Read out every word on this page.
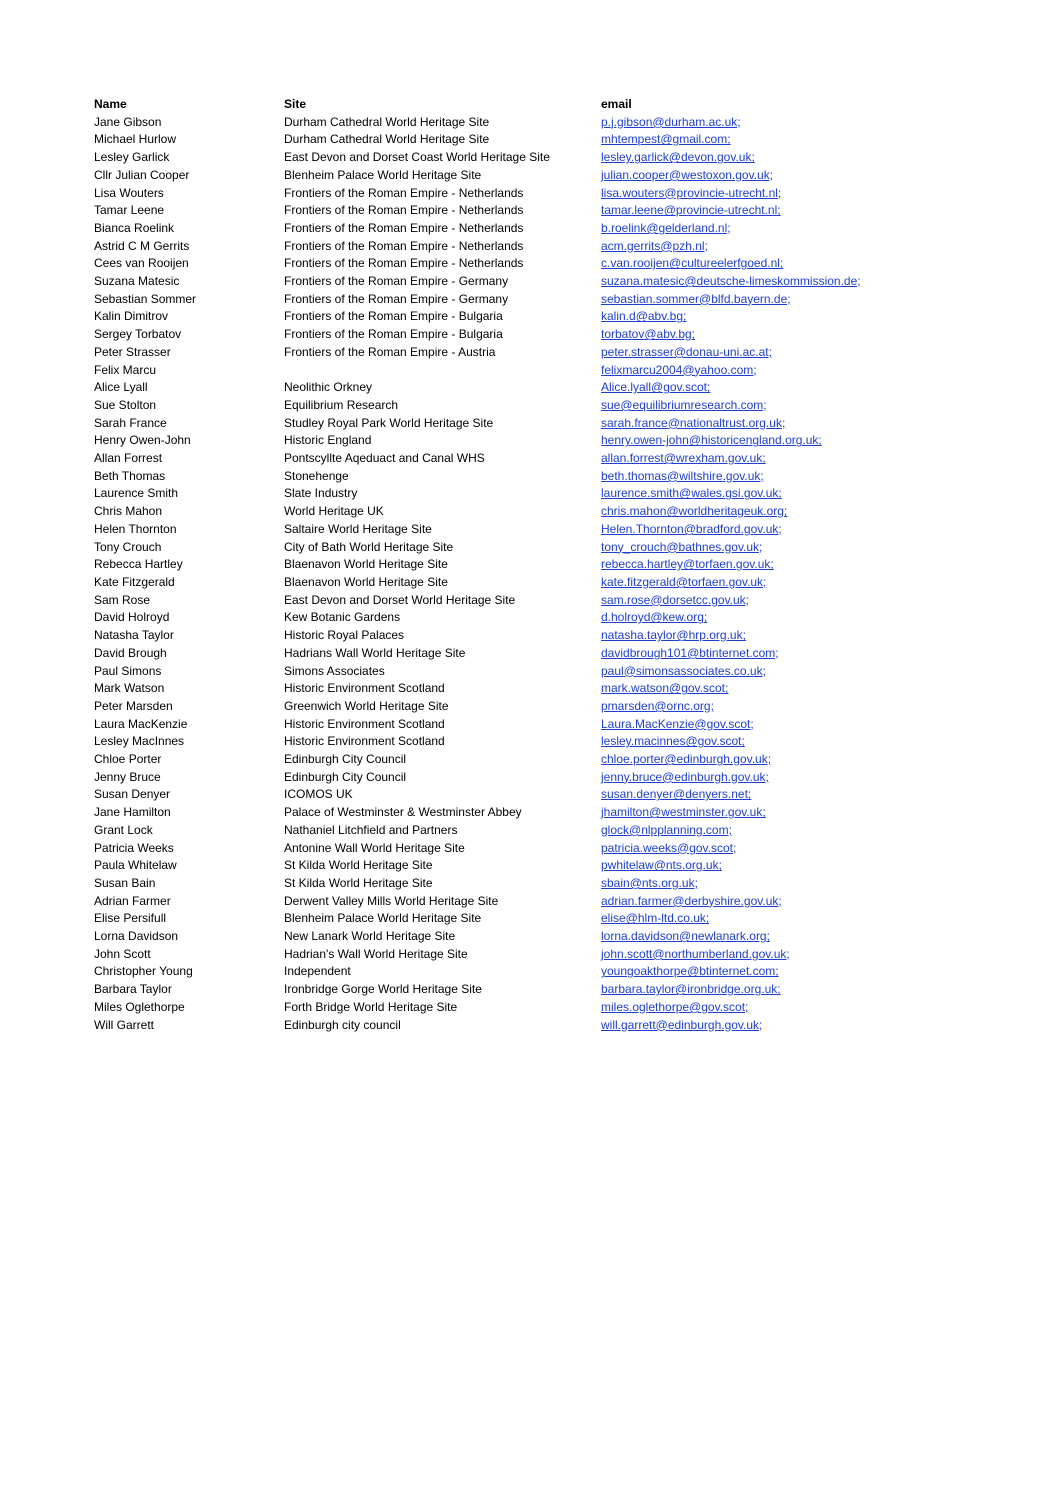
Name	Site	email
Jane Gibson	Durham Cathedral World Heritage Site	p.j.gibson@durham.ac.uk;
Michael Hurlow	Durham Cathedral World Heritage Site	mhtempest@gmail.com;
Lesley Garlick	East Devon and Dorset Coast World Heritage Site	lesley.garlick@devon.gov.uk;
Cllr Julian Cooper	Blenheim Palace World Heritage Site	julian.cooper@westoxon.gov.uk;
Lisa Wouters	Frontiers of the Roman Empire - Netherlands	lisa.wouters@provincie-utrecht.nl;
Tamar Leene	Frontiers of the Roman Empire - Netherlands	tamar.leene@provincie-utrecht.nl;
Bianca Roelink	Frontiers of the Roman Empire - Netherlands	b.roelink@gelderland.nl;
Astrid C M Gerrits	Frontiers of the Roman Empire - Netherlands	acm.gerrits@pzh.nl;
Cees van Rooijen	Frontiers of the Roman Empire - Netherlands	c.van.rooijen@cultureelerfgoed.nl;
Suzana Matesic	Frontiers of the Roman Empire - Germany	suzana.matesic@deutsche-limeskommission.de;
Sebastian Sommer	Frontiers of the Roman Empire - Germany	sebastian.sommer@blfd.bayern.de;
Kalin Dimitrov	Frontiers of the Roman Empire - Bulgaria	kalin.d@abv.bg;
Sergey Torbatov	Frontiers of the Roman Empire - Bulgaria	torbatov@abv.bg;
Peter Strasser	Frontiers of the Roman Empire - Austria	peter.strasser@donau-uni.ac.at;
Felix Marcu		felixmarcu2004@yahoo.com;
Alice Lyall	Neolithic Orkney	Alice.lyall@gov.scot;
Sue Stolton	Equilibrium Research	sue@equilibriumresearch.com;
Sarah France	Studley Royal Park World Heritage Site	sarah.france@nationaltrust.org.uk;
Henry Owen-John	Historic England	henry.owen-john@historicengland.org.uk;
Allan Forrest	Pontscyllte Aqeduact and Canal WHS	allan.forrest@wrexham.gov.uk;
Beth Thomas	Stonehenge	beth.thomas@wiltshire.gov.uk;
Laurence Smith	Slate Industry	laurence.smith@wales.gsi.gov.uk;
Chris Mahon	World Heritage UK	chris.mahon@worldheritageuk.org;
Helen Thornton	Saltaire World Heritage Site	Helen.Thornton@bradford.gov.uk;
Tony Crouch	City of Bath World Heritage Site	tony_crouch@bathnes.gov.uk;
Rebecca Hartley	Blaenavon World Heritage Site	rebecca.hartley@torfaen.gov.uk;
Kate Fitzgerald	Blaenavon World Heritage Site	kate.fitzgerald@torfaen.gov.uk;
Sam Rose	East Devon and Dorset World Heritage Site	sam.rose@dorsetcc.gov.uk;
David Holroyd	Kew Botanic Gardens	d.holroyd@kew.org;
Natasha Taylor	Historic Royal Palaces	natasha.taylor@hrp.org.uk;
David Brough	Hadrians Wall World Heritage Site	davidbrough101@btinternet.com;
Paul Simons	Simons Associates	paul@simonsassociates.co.uk;
Mark Watson	Historic Environment Scotland	mark.watson@gov.scot;
Peter Marsden	Greenwich World Heritage Site	pmarsden@ornc.org;
Laura MacKenzie	Historic Environment Scotland	Laura.MacKenzie@gov.scot;
Lesley MacInnes	Historic Environment Scotland	lesley.macinnes@gov.scot;
Chloe Porter	Edinburgh City Council	chloe.porter@edinburgh.gov.uk;
Jenny Bruce	Edinburgh City Council	jenny.bruce@edinburgh.gov.uk;
Susan Denyer	ICOMOS UK	susan.denyer@denyers.net;
Jane Hamilton	Palace of Westminster & Westminster Abbey	jhamilton@westminster.gov.uk;
Grant Lock	Nathaniel Litchfield and Partners	glock@nlpplanning.com;
Patricia Weeks	Antonine Wall World Heritage Site	patricia.weeks@gov.scot;
Paula Whitelaw	St Kilda World Heritage Site	pwhitelaw@nts.org.uk;
Susan Bain	St Kilda World Heritage Site	sbain@nts.org.uk;
Adrian Farmer	Derwent Valley Mills World Heritage Site	adrian.farmer@derbyshire.gov.uk;
Elise Persifull	Blenheim Palace World Heritage Site	elise@hlm-ltd.co.uk;
Lorna Davidson	New Lanark World Heritage Site	lorna.davidson@newlanark.org;
John Scott	Hadrian's Wall World Heritage Site	john.scott@northumberland.gov.uk;
Christopher Young	Independent	youngoakthorpe@btinternet.com;
Barbara Taylor	Ironbridge Gorge World Heritage Site	barbara.taylor@ironbridge.org.uk;
Miles Oglethorpe	Forth Bridge World Heritage Site	miles.oglethorpe@gov.scot;
Will Garrett	Edinburgh city council	will.garrett@edinburgh.gov.uk;
